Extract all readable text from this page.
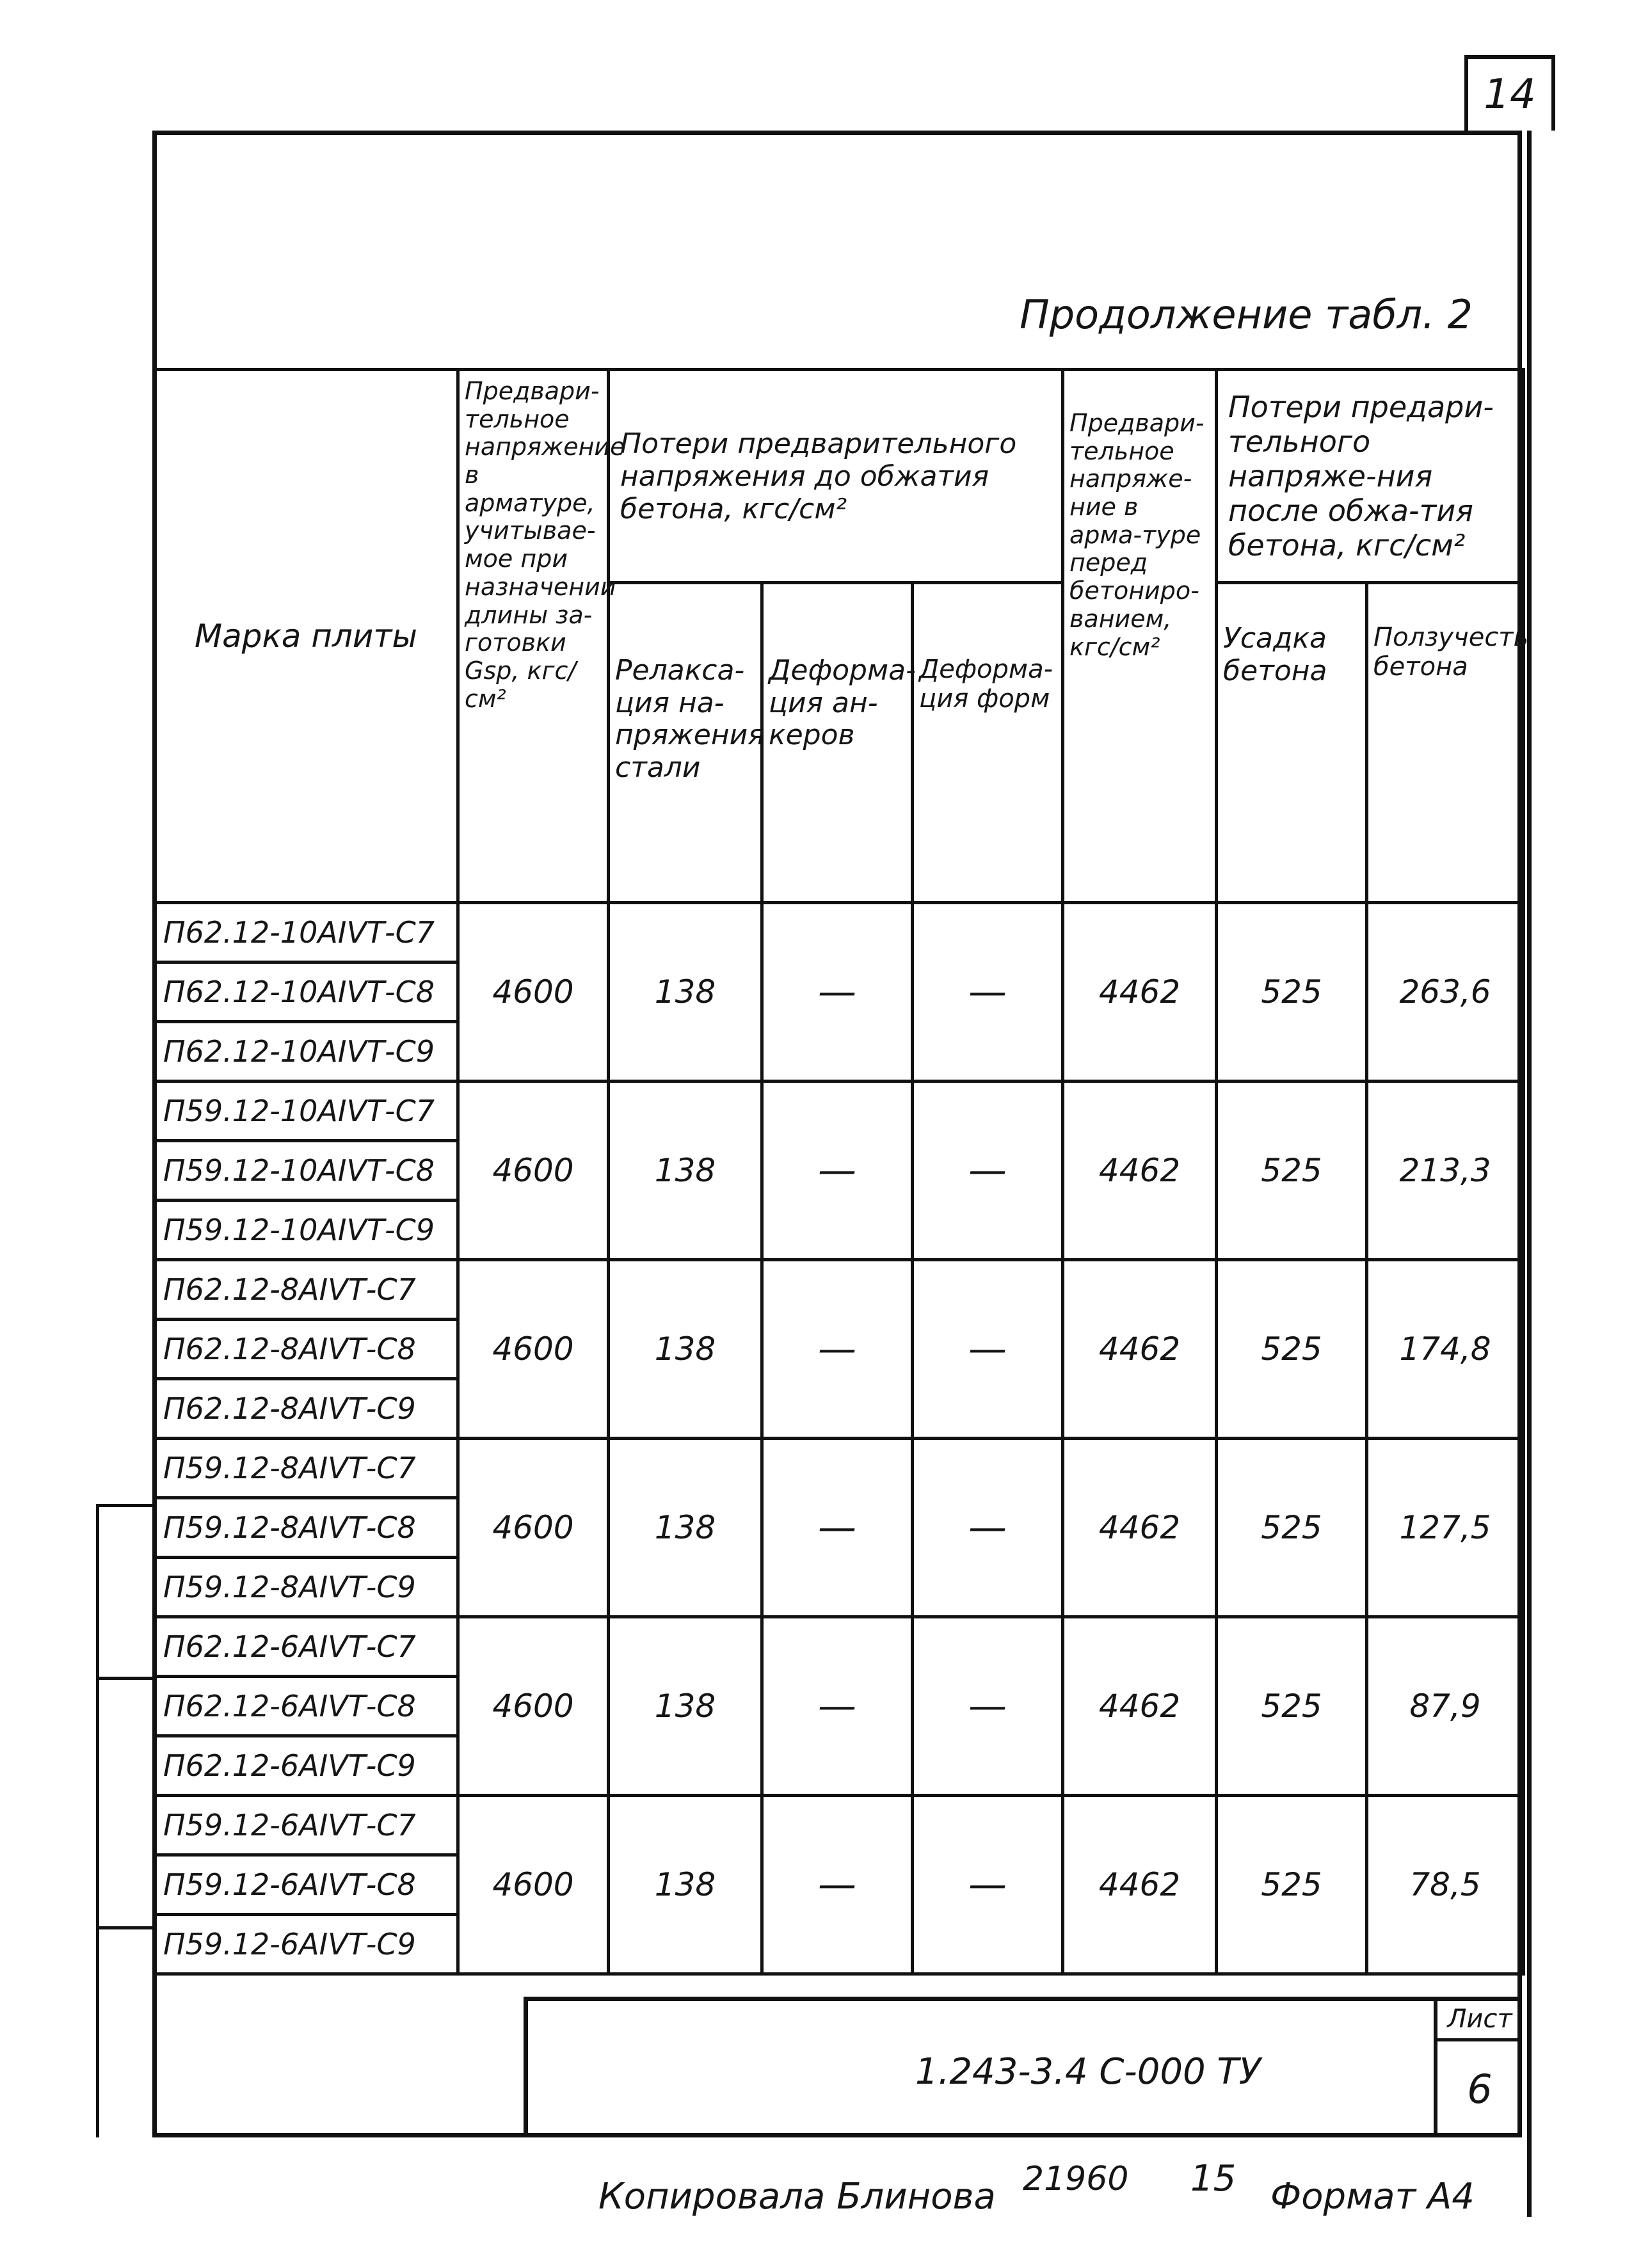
14
Продолжение табл. 2
Марка плиты	Предвари-тельное напряжение в арматуре, учитывае-мое при назначении длины за-готовки Gsp, кгс/см²	Потери предварительного напряжения до обжатия бетона, кгс/см²			Предвари-тельное напряже-ние в арма-туре перед бетониро-ванием, кгс/см²	Потери предари-тельного напряже-ния после обжа-тия бетона, кгс/см²	
		Релакса-ция на-пряжения стали	Деформа-ция ан-керов	Деформа-ция форм		Усадка бетона	Ползучесть бетона
П62.12-10АIVТ-С7	4600	138	—	—	4462	525	263,6
П62.12-10АIVТ-С8							
П62.12-10АIVТ-С9							
П59.12-10АIVТ-С7	4600	138	—	—	4462	525	213,3
П59.12-10АIVТ-С8							
П59.12-10АIVТ-С9							
П62.12-8АIVТ-С7	4600	138	—	—	4462	525	174,8
П62.12-8АIVТ-С8							
П62.12-8АIVТ-С9							
П59.12-8АIVТ-С7	4600	138	—	—	4462	525	127,5
П59.12-8АIVТ-С8							
П59.12-8АIVТ-С9							
П62.12-6АIVТ-С7	4600	138	—	—	4462	525	87,9
П62.12-6АIVТ-С8							
П62.12-6АIVТ-С9							
П59.12-6АIVТ-С7	4600	138	—	—	4462	525	78,5
П59.12-6АIVТ-С8							
П59.12-6АIVТ-С9							
1.243-3.4 С-000 ТУ
Лист
6
Копировала Блинова 21960 15 Формат А4
